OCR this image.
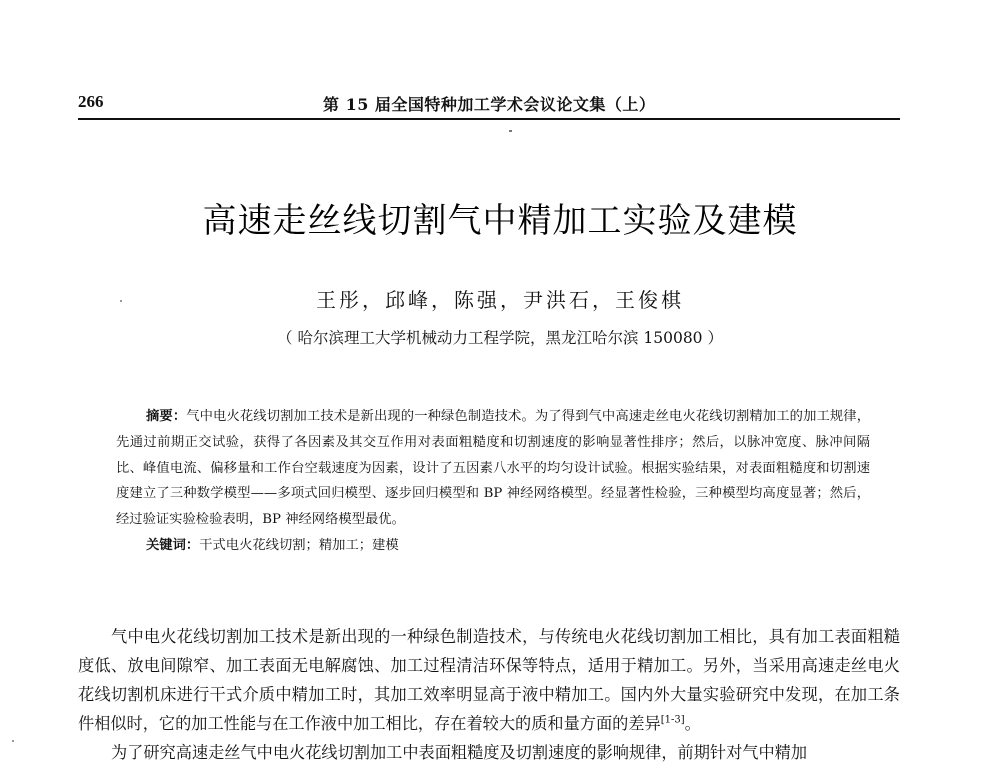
266	第 15 届全国特种加工学术会议论文集（上）
高速走丝线切割气中精加工实验及建模
王彤，邱峰，陈强，尹洪石，王俊棋
（ 哈尔滨理工大学机械动力工程学院，黑龙江哈尔滨 150080 ）

摘要：气中电火花线切割加工技术是新出现的一种绿色制造技术。为了得到气中高速走丝电火花线切割精加工的加工规律，先通过前期正交试验，获得了各因素及其交互作用对表面粗糙度和切割速度的影响显著性排序；然后，以脉冲宽度、脉冲间隔比、峰值电流、偏移量和工作台空载速度为因素，设计了五因素八水平的均匀设计试验。根据实验结果，对表面粗糙度和切割速度建立了三种数学模型——多项式回归模型、逐步回归模型和 BP 神经网络模型。经显著性检验，三种模型均高度显著；然后，经过验证实验检验表明，BP 神经网络模型最优。

关键词：干式电火花线切割；精加工；建模

气中电火花线切割加工技术是新出现的一种绿色制造技术，与传统电火花线切割加工相比，具有加工表面粗糙度低、放电间隙窄、加工表面无电解腐蚀、加工过程清洁环保等特点，适用于精加工。另外，当采用高速走丝电火花线切割机床进行干式介质中精加工时，其加工效率明显高于液中精加工。国内外大量实验研究中发现，在加工条件相似时，它的加工性能与在工作液中加工相比，存在着较大的质和量方面的差异[1-3]。

为了研究高速走丝气中电火花线切割加工中表面粗糙度及切割速度的影响规律，前期针对气中精加
